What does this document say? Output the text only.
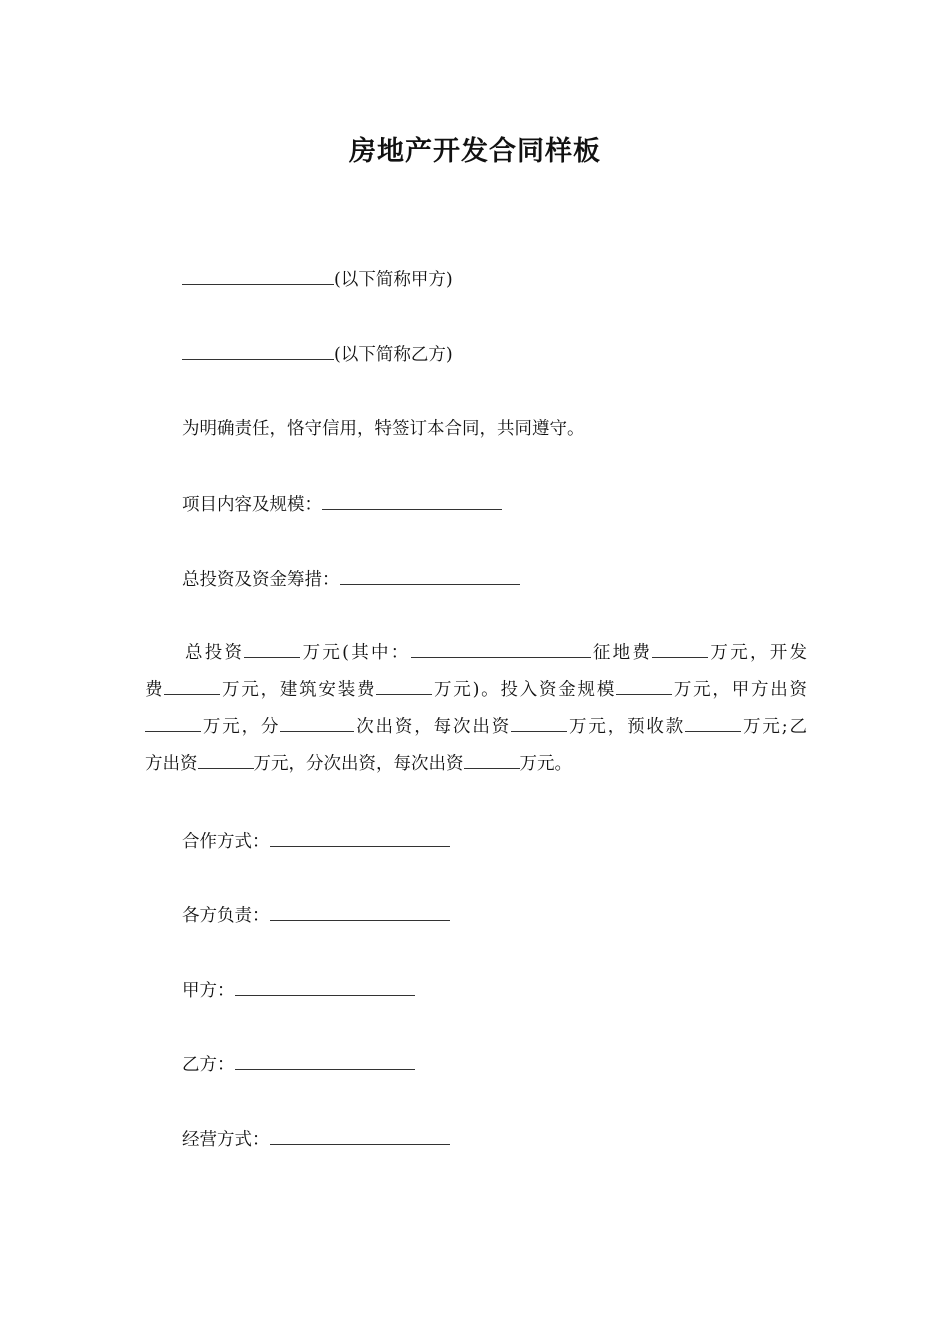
房地产开发合同样板

(以下简称甲方)

(以下简称乙方)

为明确责任，恪守信用，特签订本合同，共同遵守。

项目内容及规模：

总投资及资金筹措：

总投资	万元(其中：	征地费	万元，开发
费	万元，建筑安装费	万元)。投入资金规模	万元，甲方出资
万元，分	次出资，每次出资	万元，预收款	万元;乙
方出资	万元，分次出资，每次出资	万元。

合作方式：

各方负责：

甲方：

乙方：

经营方式：
